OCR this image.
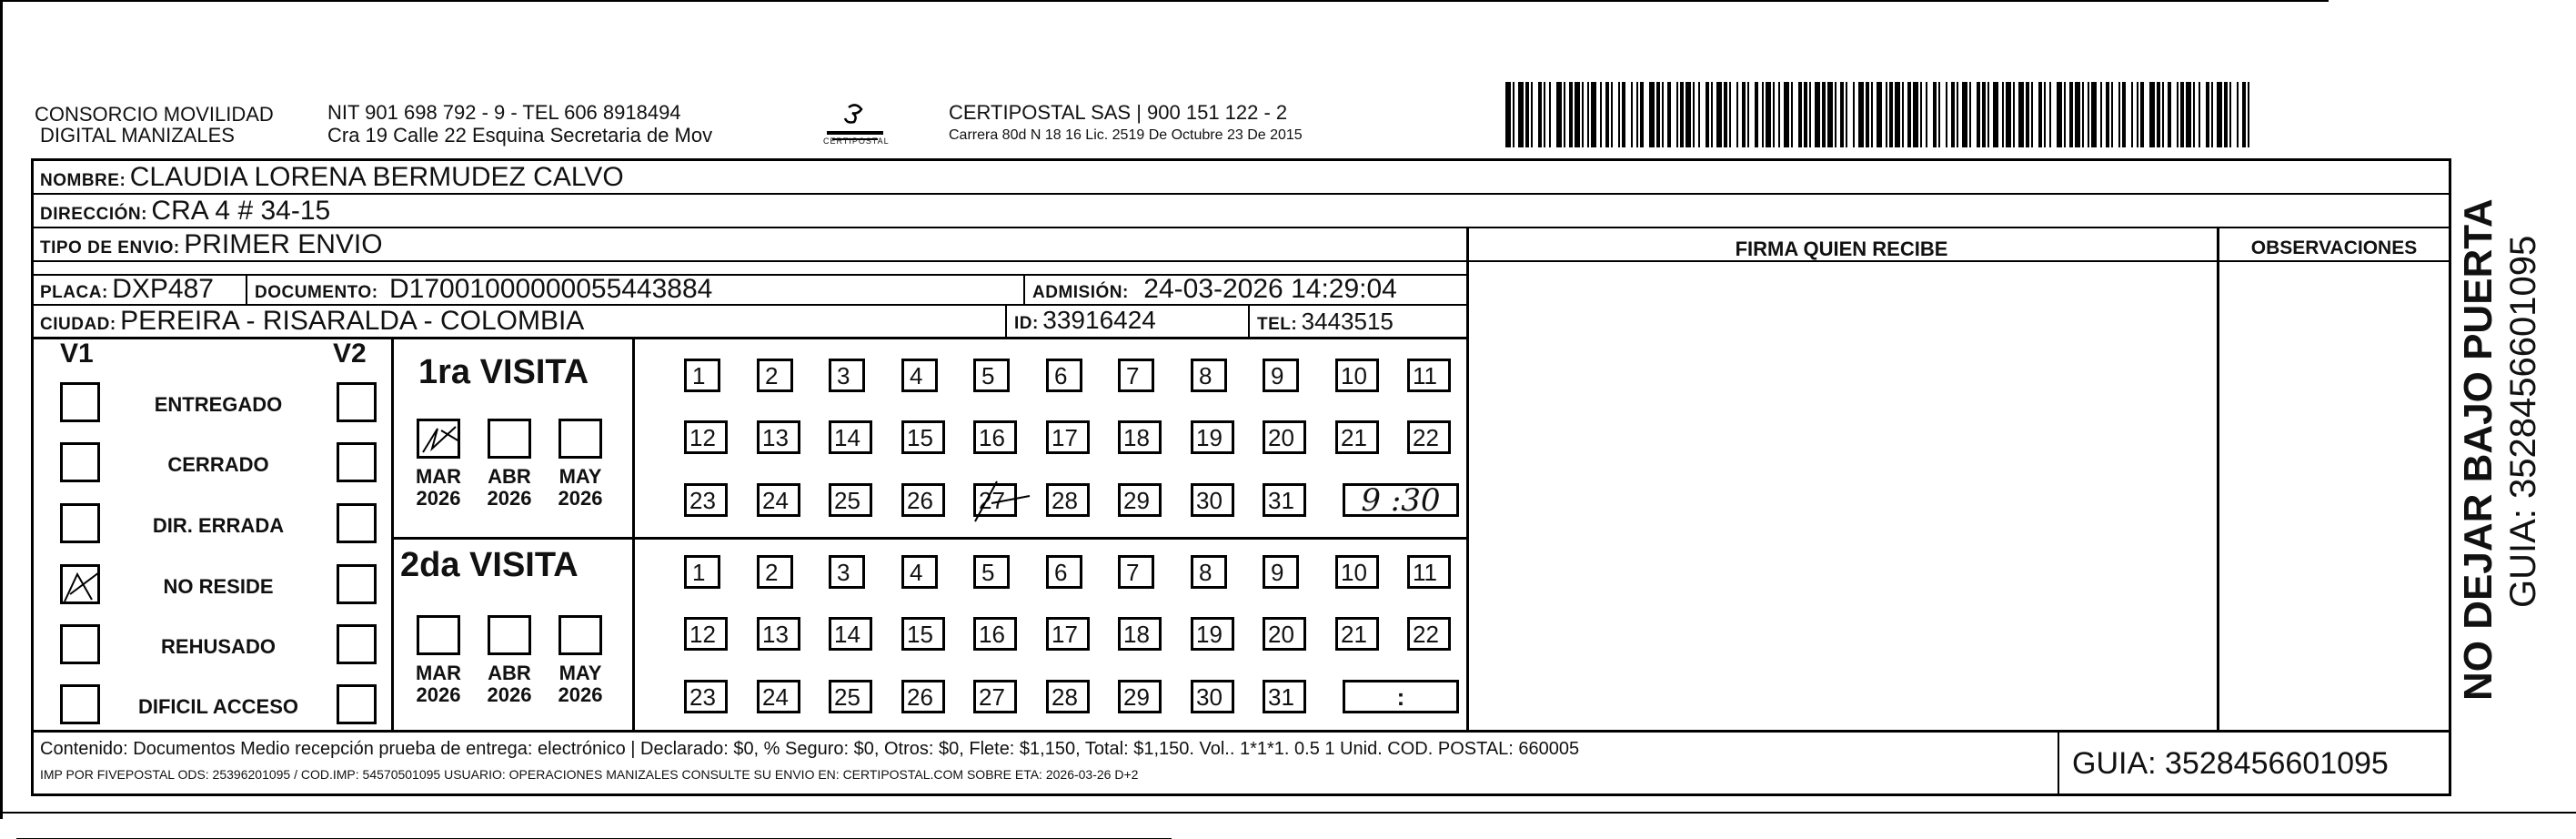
CONSORCIO MOVILIDAD
DIGITAL MANIZALES
NIT 901 698 792 - 9 - TEL 606 8918494
Cra 19 Calle 22 Esquina Secretaria de Mov	CERTIPOSTAL
CERTIPOSTAL SAS | 900 151 122 - 2
Carrera 80d N 18 16 Lic. 2519 De Octubre 23 De 2015
NOMBRE: CLAUDIA LORENA BERMUDEZ CALVO
DIRECCIÓN: CRA 4 # 34-15
TIPO DE ENVIO: PRIMER ENVIO	FIRMA QUIEN RECIBE	OBSERVACIONES
PLACA: DXP487 DOCUMENTO: D17001000000055443884	ADMISIÓN: 24-03-2026 14:29:04
CIUDAD: PEREIRA - RISARALDA - COLOMBIA	ID: 33916424	TEL: 3443515
V1	V2
ENTREGADO
CERRADO
DIR. ERRADA
NO RESIDE
REHUSADO
DIFICIL ACCESO
1ra VISITA
MAR
2026
ABR
2026
MAY
2026
1	2	3	4	5	6	7	8	9	10	11
12	13	14	15	16	17	18	19	20	21	22
23	24	25	26	27	28	29	30	31	9 :30
2da VISITA
MAR
2026
ABR
2026
MAY
2026
1	2	3	4	5	6	7	8	9	10	11
12	13	14	15	16	17	18	19	20	21	22
23	24	25	26	27	28	29	30	31	:
Contenido: Documentos Medio recepción prueba de entrega: electrónico | Declarado: $0, % Seguro: $0, Otros: $0, Flete: $1,150, Total: $1,150. Vol.. 1*1*1. 0.5 1 Unid. COD. POSTAL: 660005
IMP POR FIVEPOSTAL ODS: 25396201095 / COD.IMP: 54570501095 USUARIO: OPERACIONES MANIZALES CONSULTE SU ENVIO EN: CERTIPOSTAL.COM SOBRE ETA: 2026-03-26 D+2	GUIA: 3528456601095
NO DEJAR BAJO PUERTA GUIA: 3528456601095
